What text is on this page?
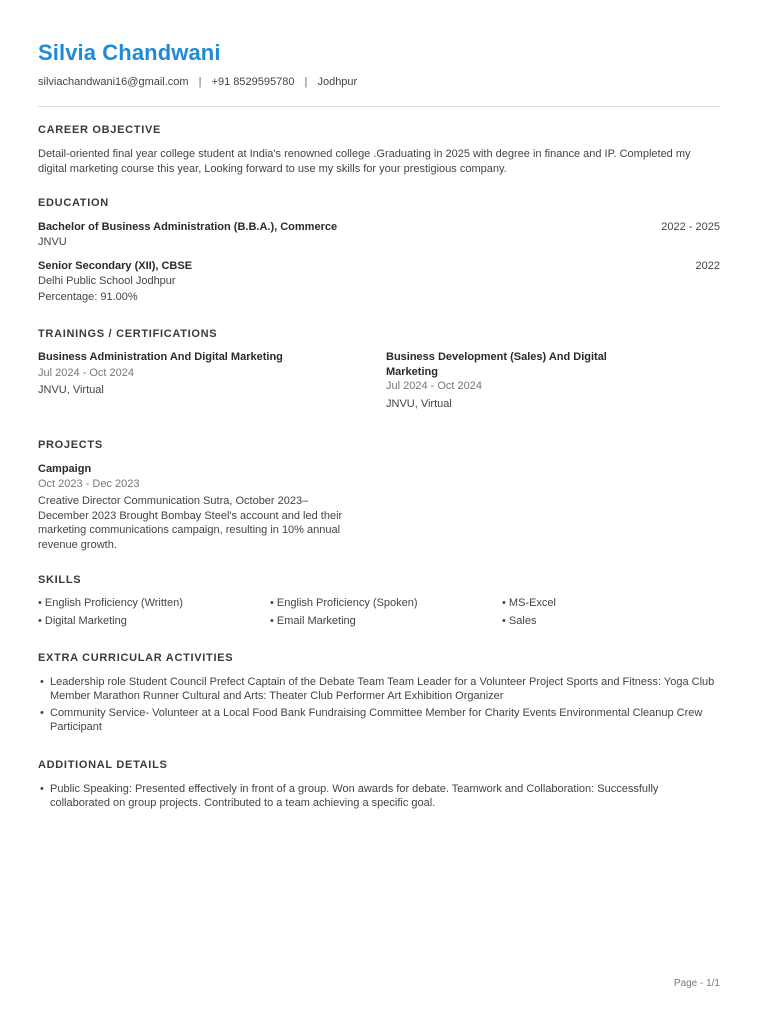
Silvia Chandwani
silviachandwani16@gmail.com | +91 8529595780 | Jodhpur
CAREER OBJECTIVE
Detail-oriented final year college student at India's renowned college .Graduating in 2025 with degree in finance and IP. Completed my digital marketing course this year, Looking forward to use my skills for your prestigious company.
EDUCATION
Bachelor of Business Administration (B.B.A.), Commerce	2022 - 2025
JNVU
Senior Secondary (XII), CBSE	2022
Delhi Public School Jodhpur
Percentage: 91.00%
TRAININGS / CERTIFICATIONS
Business Administration And Digital Marketing
Jul 2024 - Oct 2024
JNVU, Virtual
Business Development (Sales) And Digital
Marketing
Jul 2024 - Oct 2024
JNVU, Virtual
PROJECTS
Campaign
Oct 2023 - Dec 2023
Creative Director Communication Sutra, October 2023–
December 2023 Brought Bombay Steel's account and led their
marketing communications campaign, resulting in 10% annual
revenue growth.
SKILLS
• English Proficiency (Written)	• English Proficiency (Spoken)	• MS-Excel
• Digital Marketing	• Email Marketing	• Sales
EXTRA CURRICULAR ACTIVITIES
• Leadership role Student Council Prefect Captain of the Debate Team Team Leader for a Volunteer Project Sports and Fitness: Yoga Club
Member Marathon Runner Cultural and Arts: Theater Club Performer Art Exhibition Organizer
• Community Service- Volunteer at a Local Food Bank Fundraising Committee Member for Charity Events Environmental Cleanup Crew
Participant
ADDITIONAL DETAILS
• Public Speaking: Presented effectively in front of a group. Won awards for debate. Teamwork and Collaboration: Successfully
collaborated on group projects. Contributed to a team achieving a specific goal.
Page - 1/1
